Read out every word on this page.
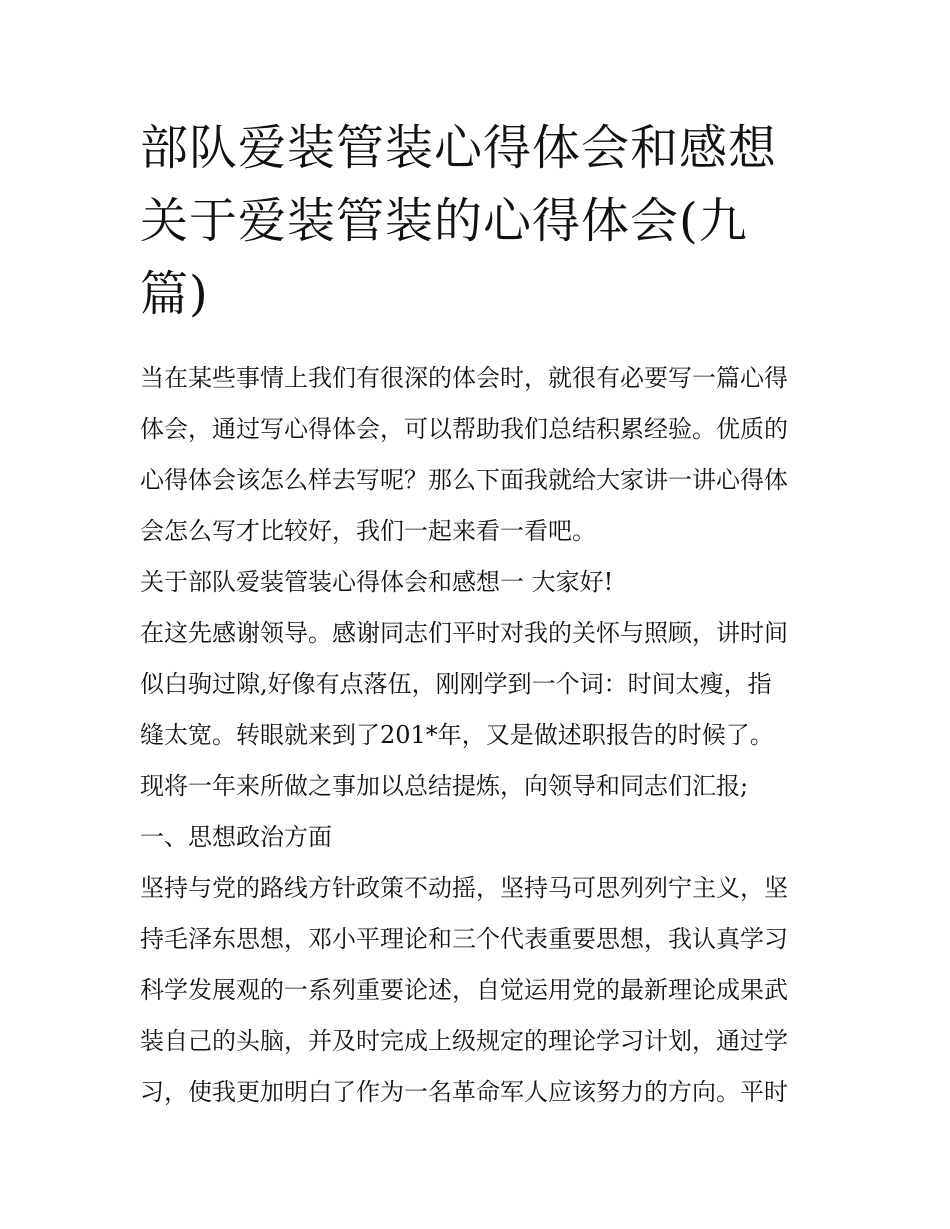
部队爱装管装心得体会和感想
关于爱装管装的心得体会(九
篇)

当在某些事情上我们有很深的体会时，就很有必要写一篇心得
体会，通过写心得体会，可以帮助我们总结积累经验。优质的
心得体会该怎么样去写呢？那么下面我就给大家讲一讲心得体
会怎么写才比较好，我们一起来看一看吧。

关于部队爱装管装心得体会和感想一 大家好!

在这先感谢领导。感谢同志们平时对我的关怀与照顾，讲时间
似白驹过隙,好像有点落伍，刚刚学到一个词：时间太瘦，指
缝太宽。转眼就来到了201*年，又是做述职报告的时候了。

现将一年来所做之事加以总结提炼，向领导和同志们汇报;

一、思想政治方面

坚持与党的路线方针政策不动摇，坚持马可思列列宁主义，坚
持毛泽东思想，邓小平理论和三个代表重要思想，我认真学习
科学发展观的一系列重要论述，自觉运用党的最新理论成果武
装自己的头脑，并及时完成上级规定的理论学习计划，通过学
习，使我更加明白了作为一名革命军人应该努力的方向。平时
